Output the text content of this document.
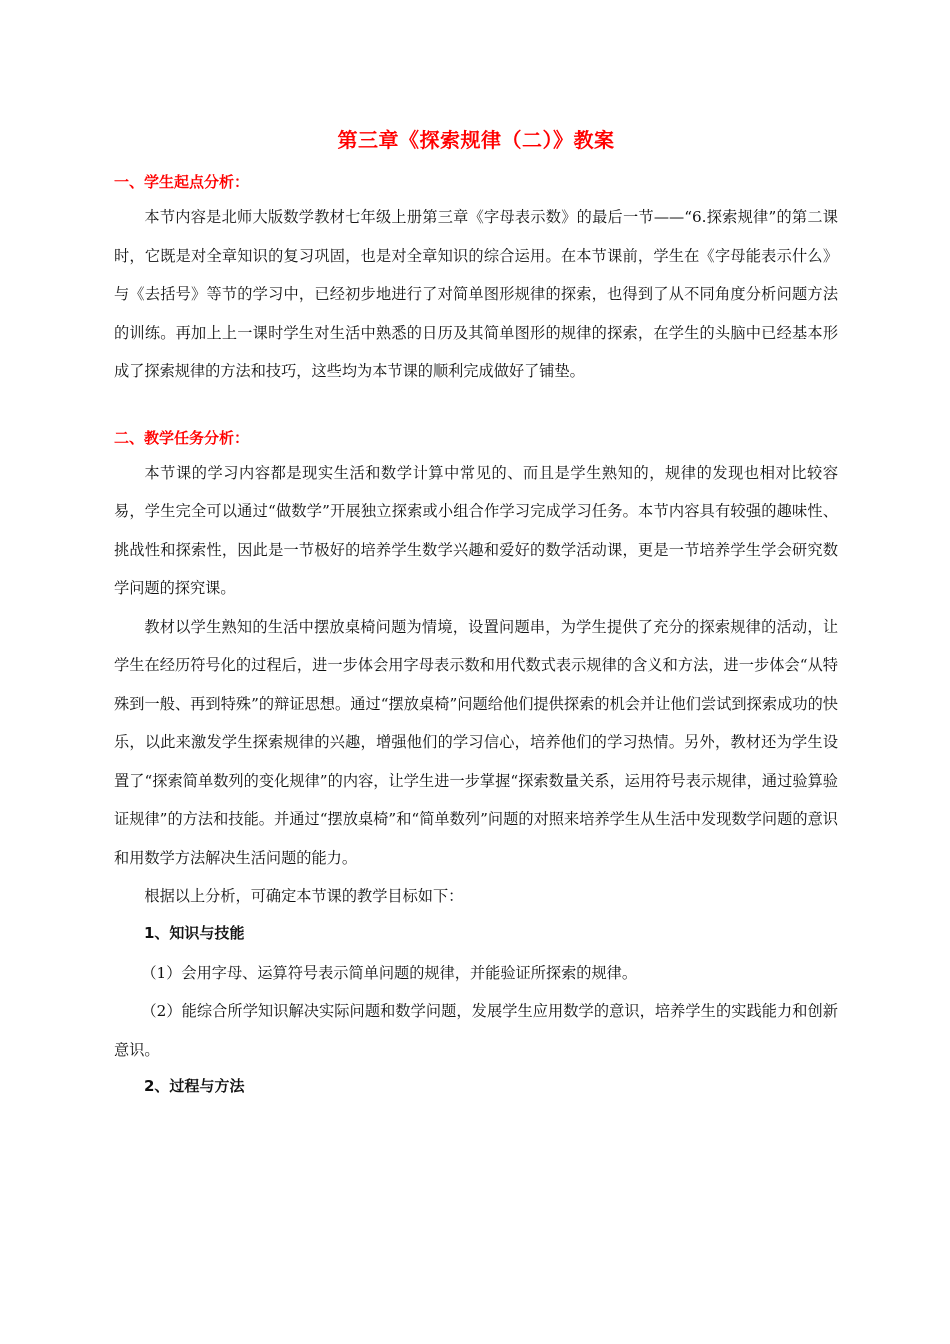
第三章《探索规律（二）》教案
一、学生起点分析：

本节内容是北师大版数学教材七年级上册第三章《字母表示数》的最后一节——“6.探索规律”的第二课时，它既是对全章知识的复习巩固，也是对全章知识的综合运用。在本节课前，学生在《字母能表示什么》与《去括号》等节的学习中，已经初步地进行了对简单图形规律的探索，也得到了从不同角度分析问题方法的训练。再加上上一课时学生对生活中熟悉的日历及其简单图形的规律的探索，在学生的头脑中已经基本形成了探索规律的方法和技巧，这些均为本节课的顺利完成做好了铺垫。

二、教学任务分析：

本节课的学习内容都是现实生活和数学计算中常见的、而且是学生熟知的，规律的发现也相对比较容易，学生完全可以通过“做数学”开展独立探索或小组合作学习完成学习任务。本节内容具有较强的趣味性、挑战性和探索性，因此是一节极好的培养学生数学兴趣和爱好的数学活动课，更是一节培养学生学会研究数学问题的探究课。

教材以学生熟知的生活中摆放桌椅问题为情境，设置问题串，为学生提供了充分的探索规律的活动，让学生在经历符号化的过程后，进一步体会用字母表示数和用代数式表示规律的含义和方法，进一步体会“从特殊到一般、再到特殊”的辩证思想。通过“摆放桌椅”问题给他们提供探索的机会并让他们尝试到探索成功的快乐，以此来激发学生探索规律的兴趣，增强他们的学习信心，培养他们的学习热情。另外，教材还为学生设置了“探索简单数列的变化规律”的内容，让学生进一步掌握“探索数量关系，运用符号表示规律，通过验算验证规律”的方法和技能。并通过“摆放桌椅”和“简单数列”问题的对照来培养学生从生活中发现数学问题的意识和用数学方法解决生活问题的能力。

根据以上分析，可确定本节课的教学目标如下：

1、知识与技能

（1）会用字母、运算符号表示简单问题的规律，并能验证所探索的规律。

（2）能综合所学知识解决实际问题和数学问题，发展学生应用数学的意识，培养学生的实践能力和创新意识。

2、过程与方法
